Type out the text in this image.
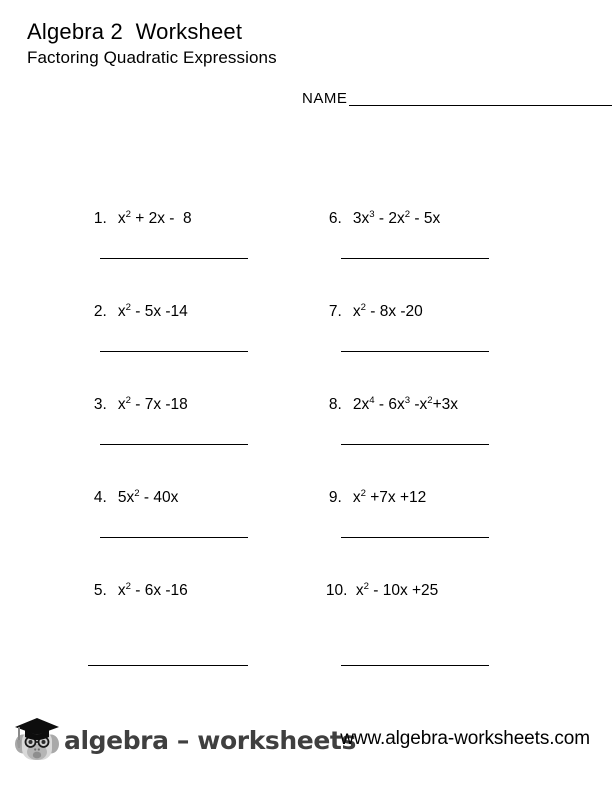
Algebra 2  Worksheet
Factoring Quadratic Expressions
NAME

1. $x^2 + 2x - 8$
	6. $3x^3 - 2x^2 - 5x$

2. $x^2 - 5x$ -14
	7. $x^2 - 8x$ -20

3. $x^2 - 7x$ -18
	8. $2x^4 - 6x^3$ $-x^2+3x$

4. $5x^2 - 40x$
	9. $x^2 +7x +12$

5. $x^2 - 6x$ -16
	10. $x^2 - 10x +25$

algebra – worksheets
www.algebra-worksheets.com
